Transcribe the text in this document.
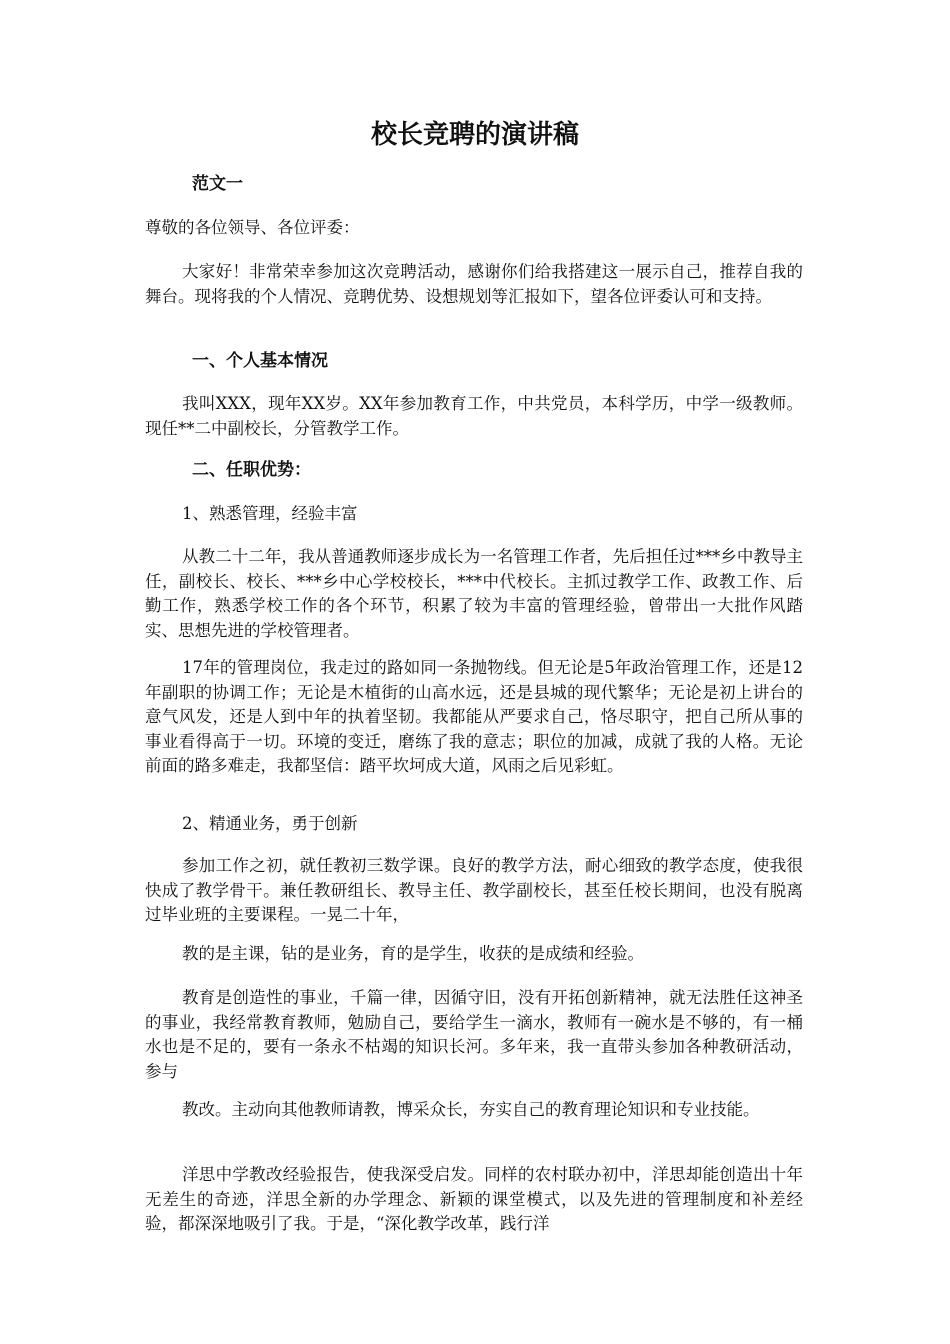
校长竞聘的演讲稿
范文一
尊敬的各位领导、各位评委：
大家好！非常荣幸参加这次竞聘活动，感谢你们给我搭建这一展示自己，推荐自我的舞台。现将我的个人情况、竞聘优势、设想规划等汇报如下，望各位评委认可和支持。
一、个人基本情况
我叫XXX，现年XX岁。XX年参加教育工作，中共党员，本科学历，中学一级教师。现任**二中副校长，分管教学工作。
二、任职优势：
1、熟悉管理，经验丰富
从教二十二年，我从普通教师逐步成长为一名管理工作者，先后担任过***乡中教导主任，副校长、校长、***乡中心学校校长，***中代校长。主抓过教学工作、政教工作、后勤工作，熟悉学校工作的各个环节，积累了较为丰富的管理经验，曾带出一大批作风踏实、思想先进的学校管理者。
17年的管理岗位，我走过的路如同一条抛物线。但无论是5年政治管理工作，还是12年副职的协调工作；无论是木植街的山高水远，还是县城的现代繁华；无论是初上讲台的意气风发，还是人到中年的执着坚韧。我都能从严要求自己，恪尽职守，把自己所从事的事业看得高于一切。环境的变迁，磨练了我的意志；职位的加减，成就了我的人格。无论前面的路多难走，我都坚信：踏平坎坷成大道，风雨之后见彩虹。
2、精通业务，勇于创新
参加工作之初，就任教初三数学课。良好的教学方法，耐心细致的教学态度，使我很快成了教学骨干。兼任教研组长、教导主任、教学副校长，甚至任校长期间，也没有脱离过毕业班的主要课程。一晃二十年，
教的是主课，钻的是业务，育的是学生，收获的是成绩和经验。
教育是创造性的事业，千篇一律，因循守旧，没有开拓创新精神，就无法胜任这神圣的事业，我经常教育教师，勉励自己，要给学生一滴水，教师有一碗水是不够的，有一桶水也是不足的，要有一条永不枯竭的知识长河。多年来，我一直带头参加各种教研活动，参与
教改。主动向其他教师请教，博采众长，夯实自己的教育理论知识和专业技能。
洋思中学教改经验报告，使我深受启发。同样的农村联办初中，洋思却能创造出十年无差生的奇迹，洋思全新的办学理念、新颖的课堂模式，以及先进的管理制度和补差经验，都深深地吸引了我。于是，“深化教学改革，践行洋
